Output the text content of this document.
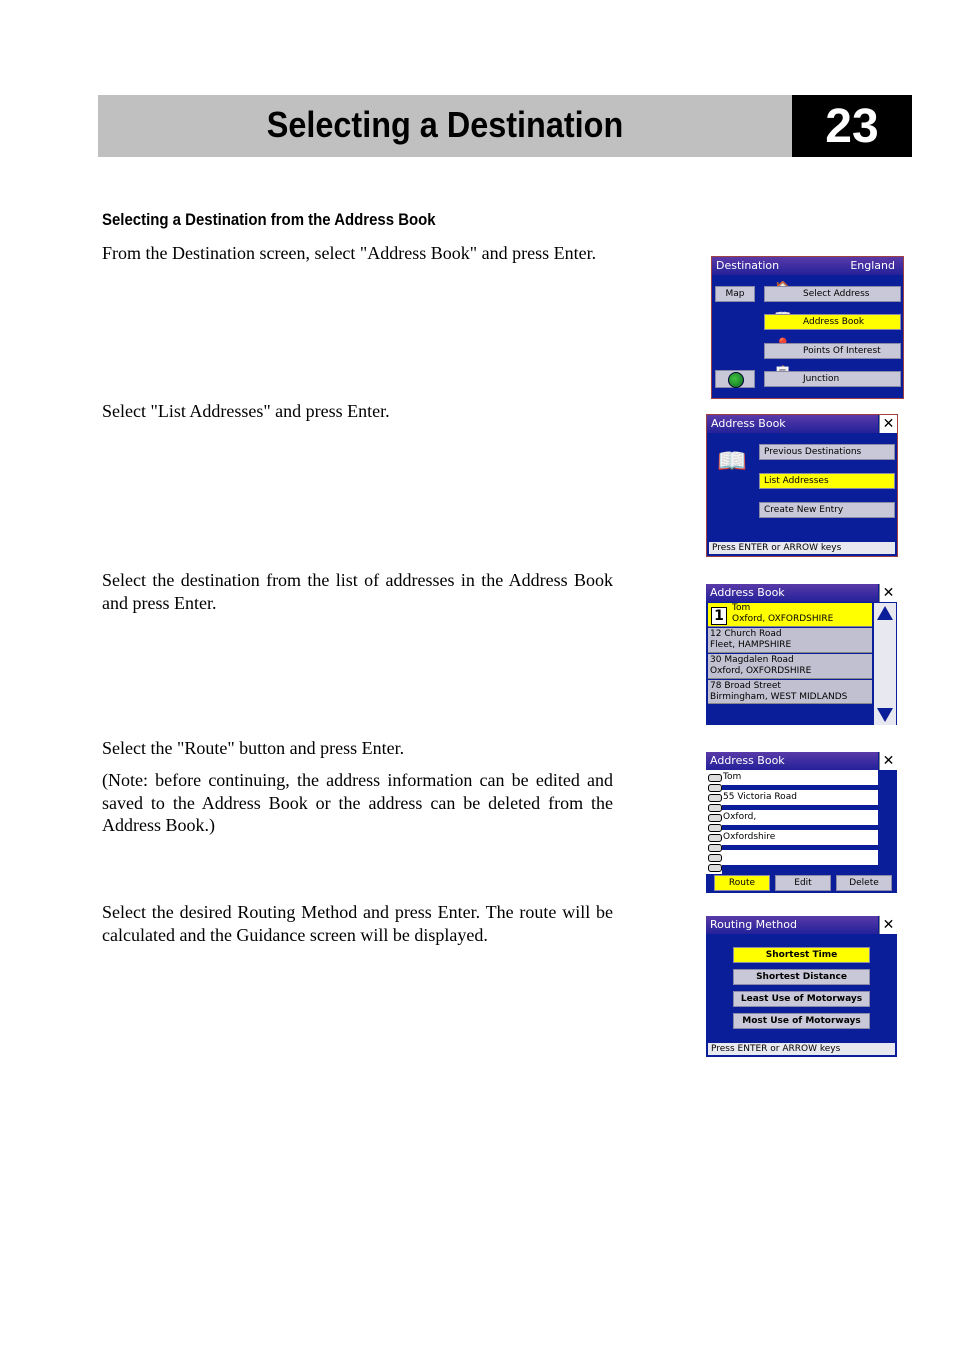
Selecting a Destination	23
Selecting a Destination from the Address Book
From the Destination screen, select "Address Book" and press Enter.
Select "List Addresses" and press Enter.
Select the destination from the list of addresses in the Address Book and press Enter.
Select the "Route" button and press Enter.
(Note: before continuing, the address information can be edited and saved to the Address Book or the address can be deleted from the Address Book.)
Select the desired Routing Method and press Enter. The route will be calculated and the Guidance screen will be displayed.
Destination	England
Map	Select Address
Address Book
Points Of Interest
Junction
Address Book	✕
📖	Previous Destinations
List Addresses
Create New Entry
Press ENTER or ARROW keys
Address Book	✕
1 Tom
Oxford, OXFORDSHIRE
12 Church Road
Fleet, HAMPSHIRE
30 Magdalen Road
Oxford, OXFORDSHIRE
78 Broad Street
Birmingham, WEST MIDLANDS
Address Book	✕
Tom
55 Victoria Road
Oxford,
Oxfordshire
Route	Edit	Delete
Routing Method	✕
Shortest Time
Shortest Distance
Least Use of Motorways
Most Use of Motorways
Press ENTER or ARROW keys
